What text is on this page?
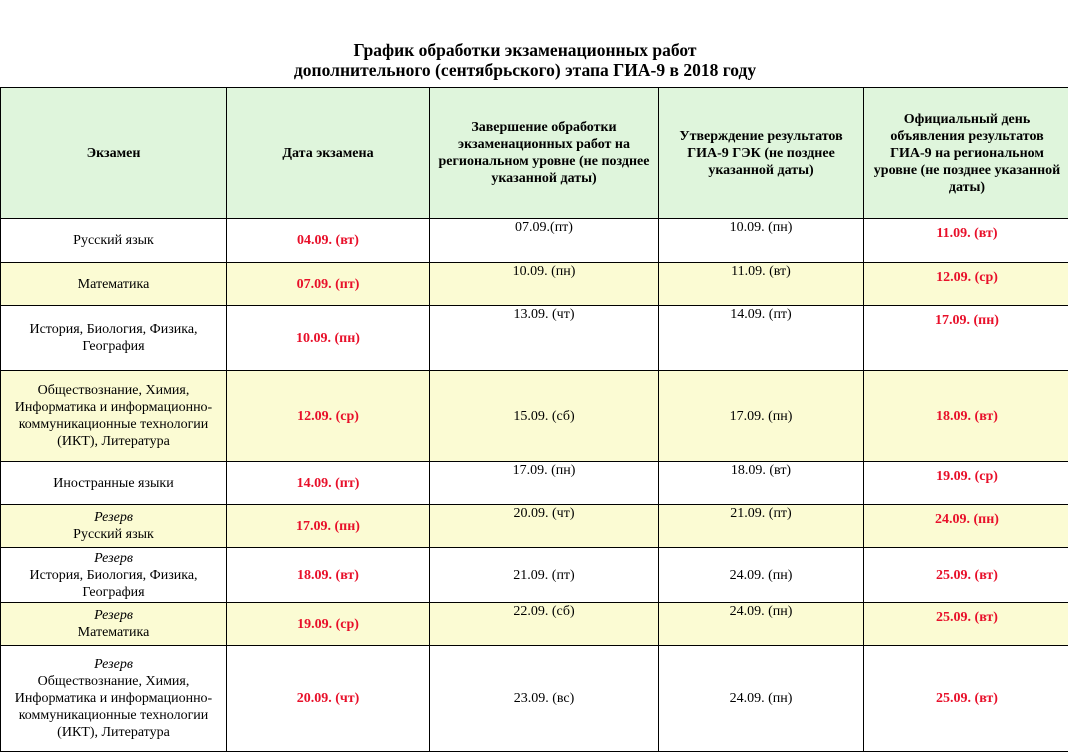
График обработки экзаменационных работ
дополнительного (сентябрьского) этапа ГИА-9 в 2018 году
Экзамен	Дата экзамена	Завершение обработки экзаменационных работ на региональном уровне (не позднее указанной даты)	Утверждение результатов ГИА-9 ГЭК (не позднее указанной даты)	Официальный день объявления результатов ГИА-9 на региональном уровне (не позднее указанной даты)
Русский язык	04.09. (вт)	07.09.(пт)	10.09. (пн)	11.09. (вт)
Математика	07.09. (пт)	10.09. (пн)	11.09. (вт)	12.09. (ср)
История, Биология, Физика, География	10.09. (пн)	13.09. (чт)	14.09. (пт)	17.09. (пн)
Обществознание, Химия, Информатика и информационно-коммуникационные технологии (ИКТ), Литература	12.09. (ср)	15.09. (сб)	17.09. (пн)	18.09. (вт)
Иностранные языки	14.09. (пт)	17.09. (пн)	18.09. (вт)	19.09. (ср)

Резерв
Русский язык	17.09. (пн)	20.09. (чт)	21.09. (пт)	24.09. (пн)

Резерв
История, Биология, Физика, География	18.09. (вт)	21.09. (пт)	24.09. (пн)	25.09. (вт)

Резерв
Математика	19.09. (ср)	22.09. (сб)	24.09. (пн)	25.09. (вт)

Резерв
Обществознание, Химия, Информатика и информационно-коммуникационные технологии (ИКТ), Литература	20.09. (чт)	23.09. (вс)	24.09. (пн)	25.09. (вт)
